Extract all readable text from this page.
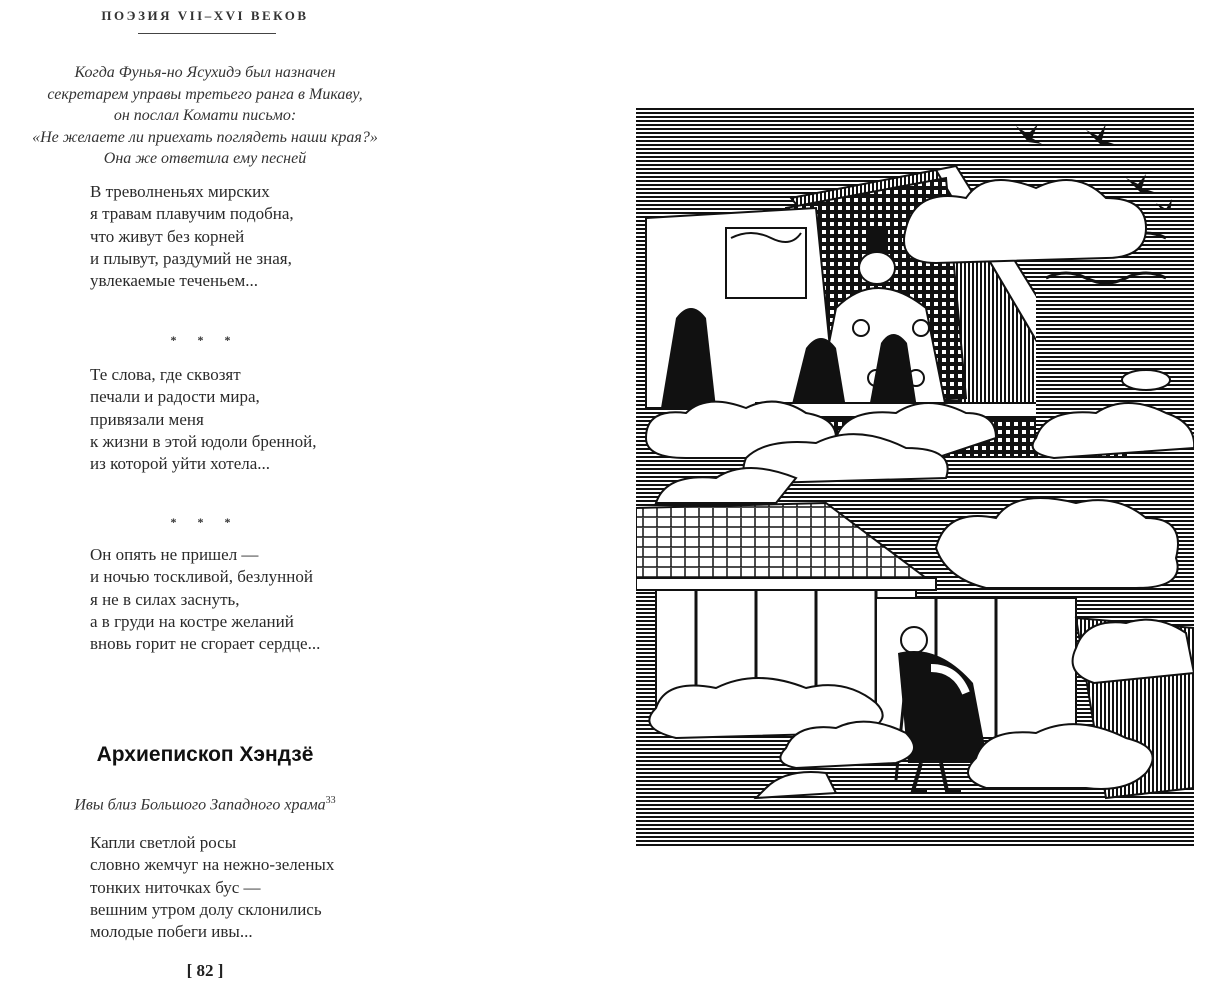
ПОЭЗИЯ VII–XVI ВЕКОВ
Когда Фунья-но Ясухидэ был назначен
секретарем управы третьего ранга в Микаву,
он послал Комати письмо:
«Не желаете ли приехать поглядеть наши края?»
Она же ответила ему песней
В треволненьях мирских
я травам плавучим подобна,
что живут без корней
и плывут, раздумий не зная,
увлекаемые теченьем...
* * *
Те слова, где сквозят
печали и радости мира,
привязали меня
к жизни в этой юдоли бренной,
из которой уйти хотела...
* * *
Он опять не пришел —
и ночью тоскливой, безлунной
я не в силах заснуть,
а в груди на костре желаний
вновь горит не сгорает сердце...
Архиепископ Хэндзё
Ивы близ Большого Западного храма$^{33}$
Капли светлой росы
словно жемчуг на нежно-зеленых
тонких ниточках бус —
вешним утром долу склонились
молодые побеги ивы...
[ 82 ]
